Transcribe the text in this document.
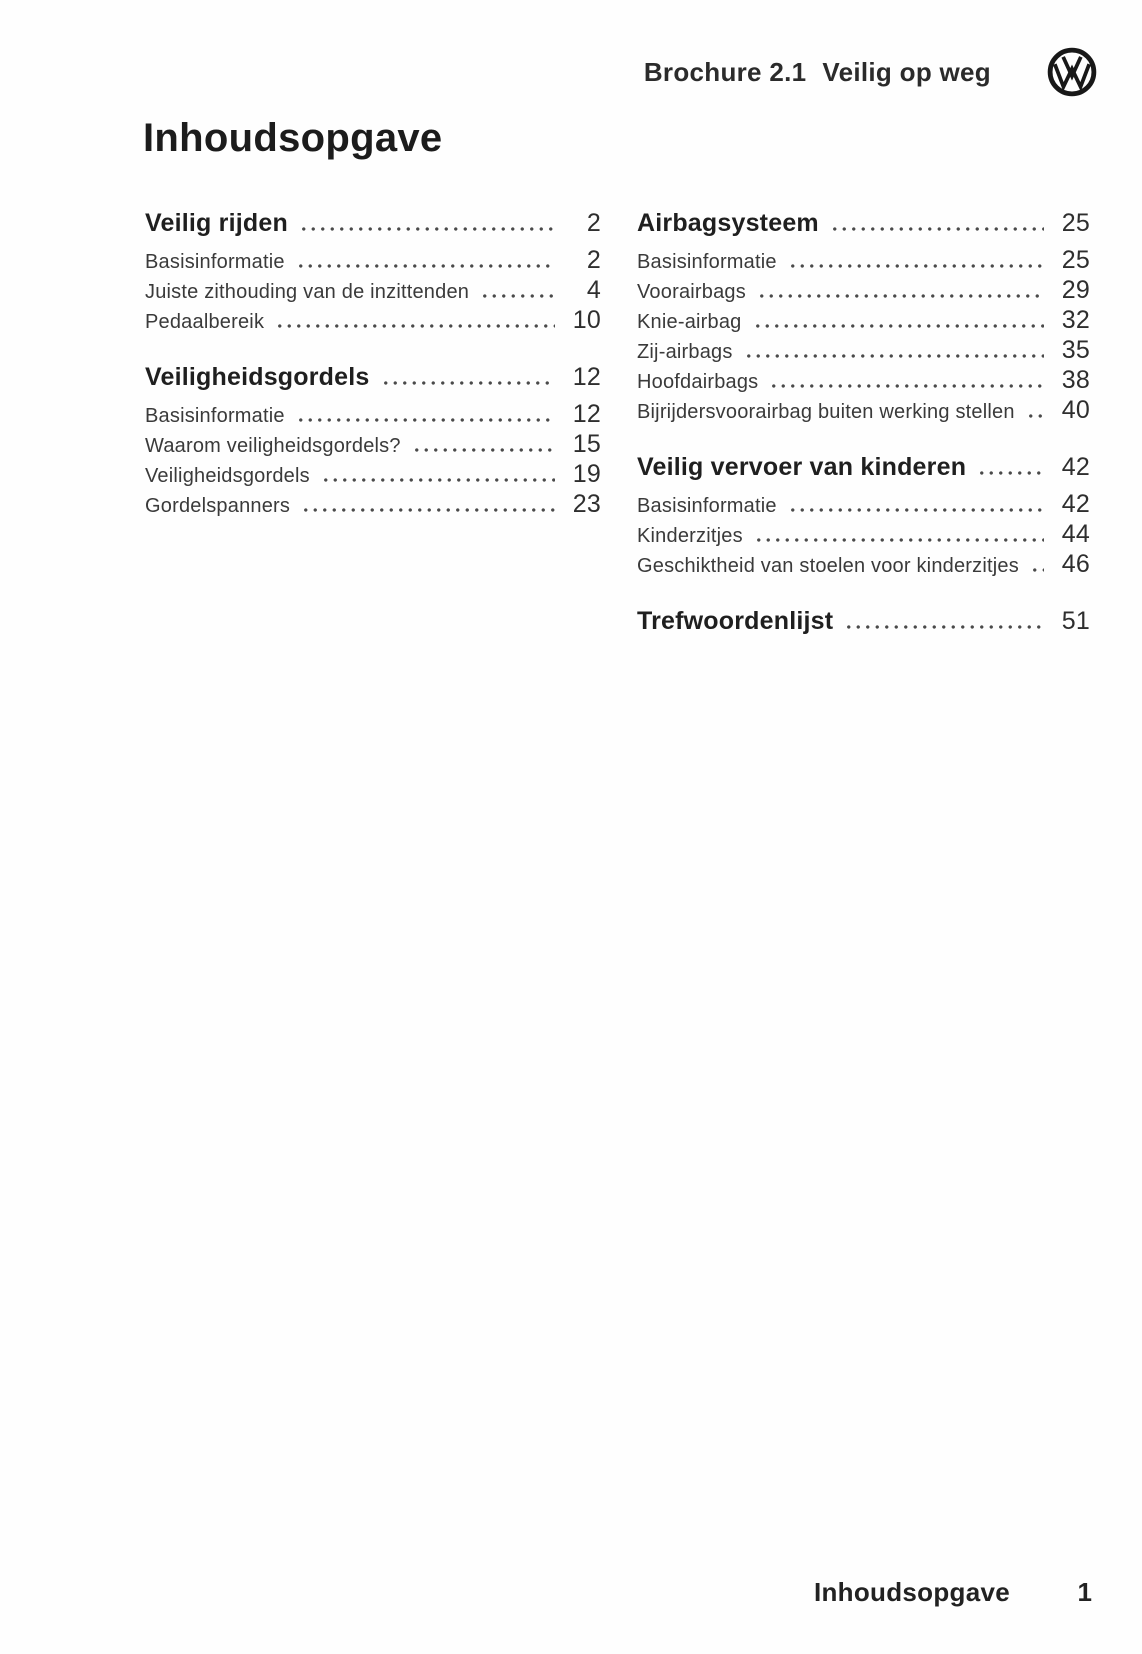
Brochure 2.1 Veilig op weg
Inhoudsopgave
Veilig rijden	2
Basisinformatie	2
Juiste zithouding van de inzittenden	4
Pedaalbereik	10
Veiligheidsgordels	12
Basisinformatie	12
Waarom veiligheidsgordels?	15
Veiligheidsgordels	19
Gordelspanners	23
Airbagsysteem	25
Basisinformatie	25
Voorairbags	29
Knie-airbag	32
Zij-airbags	35
Hoofdairbags	38
Bijrijdersvoorairbag buiten werking stellen	40
Veilig vervoer van kinderen	42
Basisinformatie	42
Kinderzitjes	44
Geschiktheid van stoelen voor kinderzitjes	46
Trefwoordenlijst	51
Inhoudsopgave	1
